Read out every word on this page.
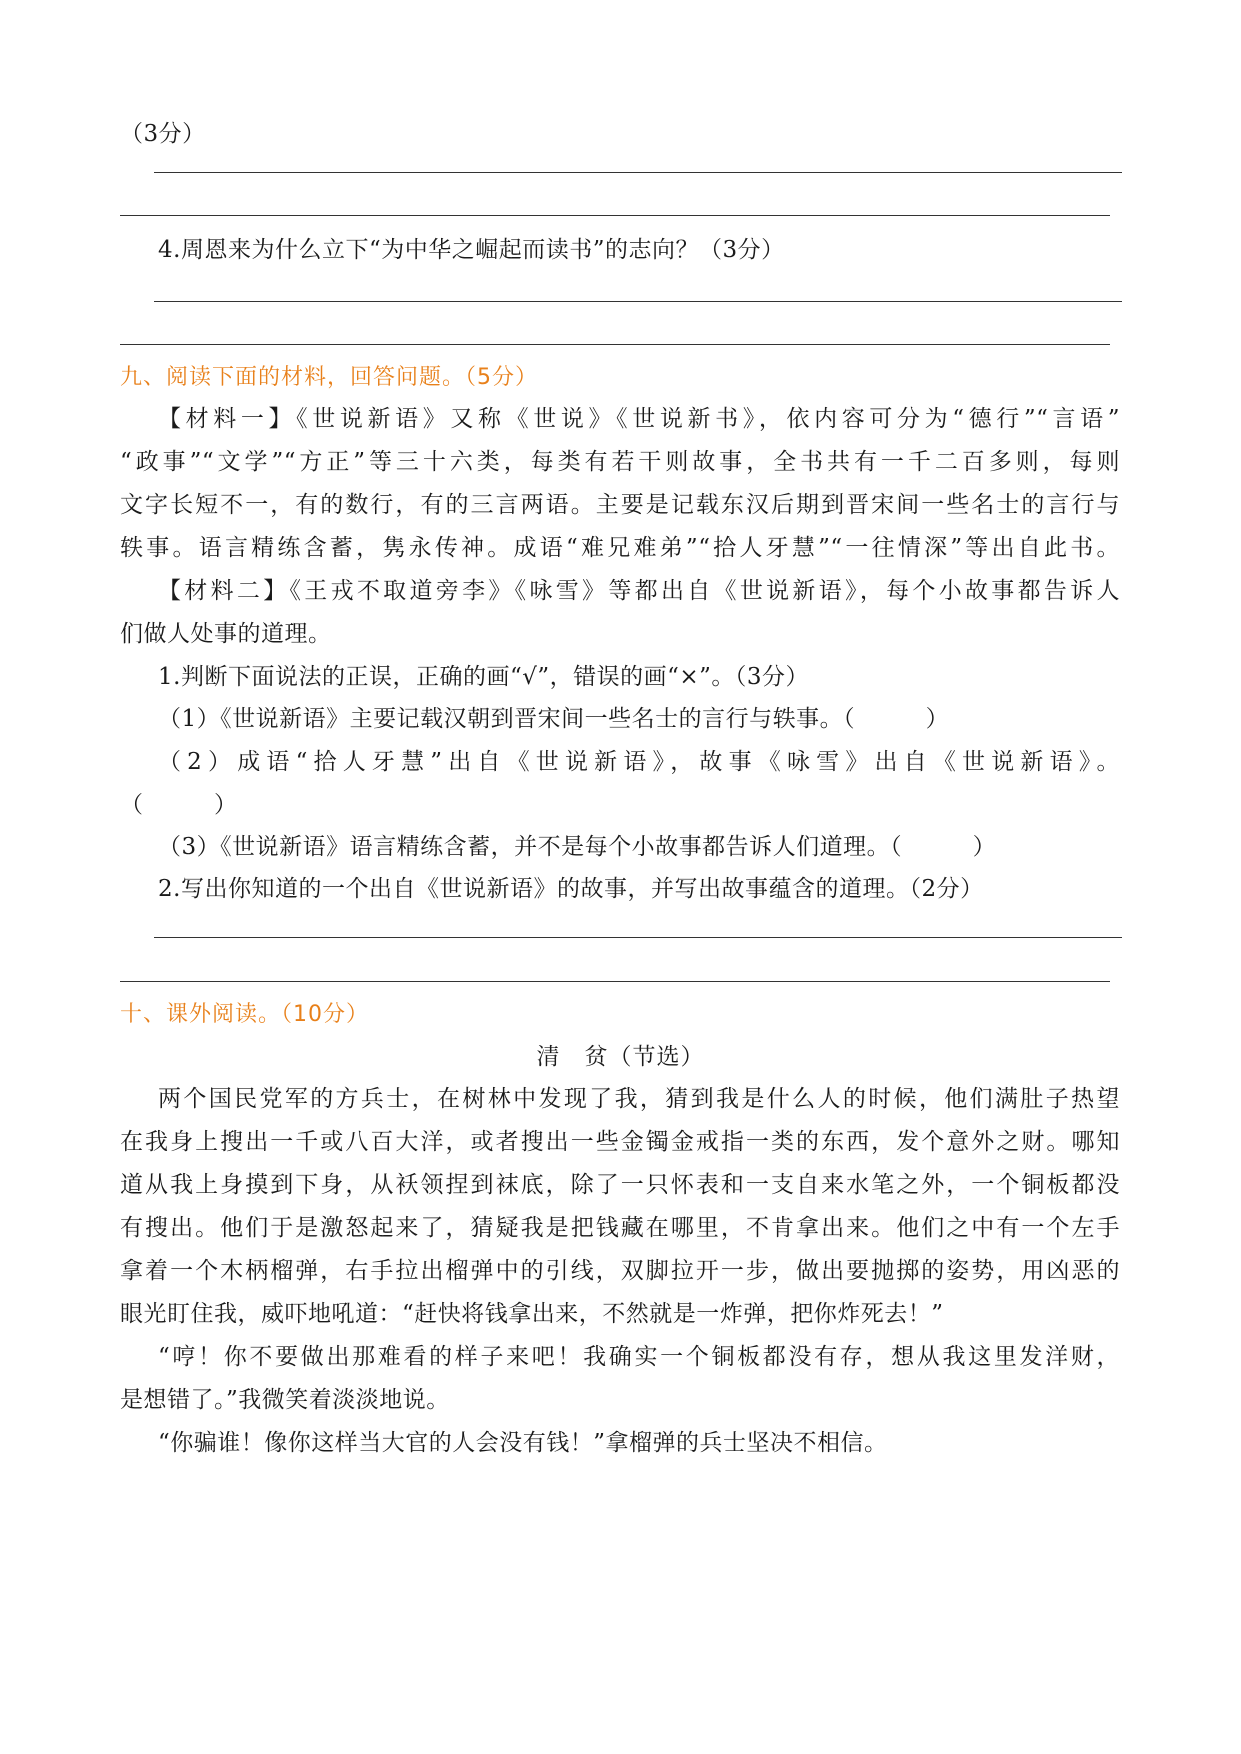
（3分）
4.周恩来为什么立下“为中华之崛起而读书”的志向？（3分）
九、阅读下面的材料，回答问题。（5分）
【材料一】《世说新语》又称《世说》《世说新书》，依内容可分为“德行”“言语”
“政事”“文学”“方正”等三十六类，每类有若干则故事，全书共有一千二百多则，每则
文字长短不一，有的数行，有的三言两语。主要是记载东汉后期到晋宋间一些名士的言行与
轶事。语言精练含蓄，隽永传神。成语“难兄难弟”“拾人牙慧”“一往情深”等出自此书。
【材料二】《王戎不取道旁李》《咏雪》等都出自《世说新语》，每个小故事都告诉人
们做人处事的道理。
1.判断下面说法的正误，正确的画“√”，错误的画“×”。（3分）
（1）《世说新语》主要记载汉朝到晋宋间一些名士的言行与轶事。（　　　）
（2）成语“拾人牙慧”出自《世说新语》，故事《咏雪》出自《世说新语》。
（　　　）
（3）《世说新语》语言精练含蓄，并不是每个小故事都告诉人们道理。（　　　）
2.写出你知道的一个出自《世说新语》的故事，并写出故事蕴含的道理。（2分）
十、课外阅读。（10分）
清　贫（节选）
两个国民党军的方兵士，在树林中发现了我，猜到我是什么人的时候，他们满肚子热望
在我身上搜出一千或八百大洋，或者搜出一些金镯金戒指一类的东西，发个意外之财。哪知
道从我上身摸到下身，从袄领捏到袜底，除了一只怀表和一支自来水笔之外，一个铜板都没
有搜出。他们于是激怒起来了，猜疑我是把钱藏在哪里，不肯拿出来。他们之中有一个左手
拿着一个木柄榴弹，右手拉出榴弹中的引线，双脚拉开一步，做出要抛掷的姿势，用凶恶的
眼光盯住我，威吓地吼道：“赶快将钱拿出来，不然就是一炸弹，把你炸死去！”
“哼！你不要做出那难看的样子来吧！我确实一个铜板都没有存，想从我这里发洋财，
是想错了。”我微笑着淡淡地说。
“你骗谁！像你这样当大官的人会没有钱！”拿榴弹的兵士坚决不相信。
